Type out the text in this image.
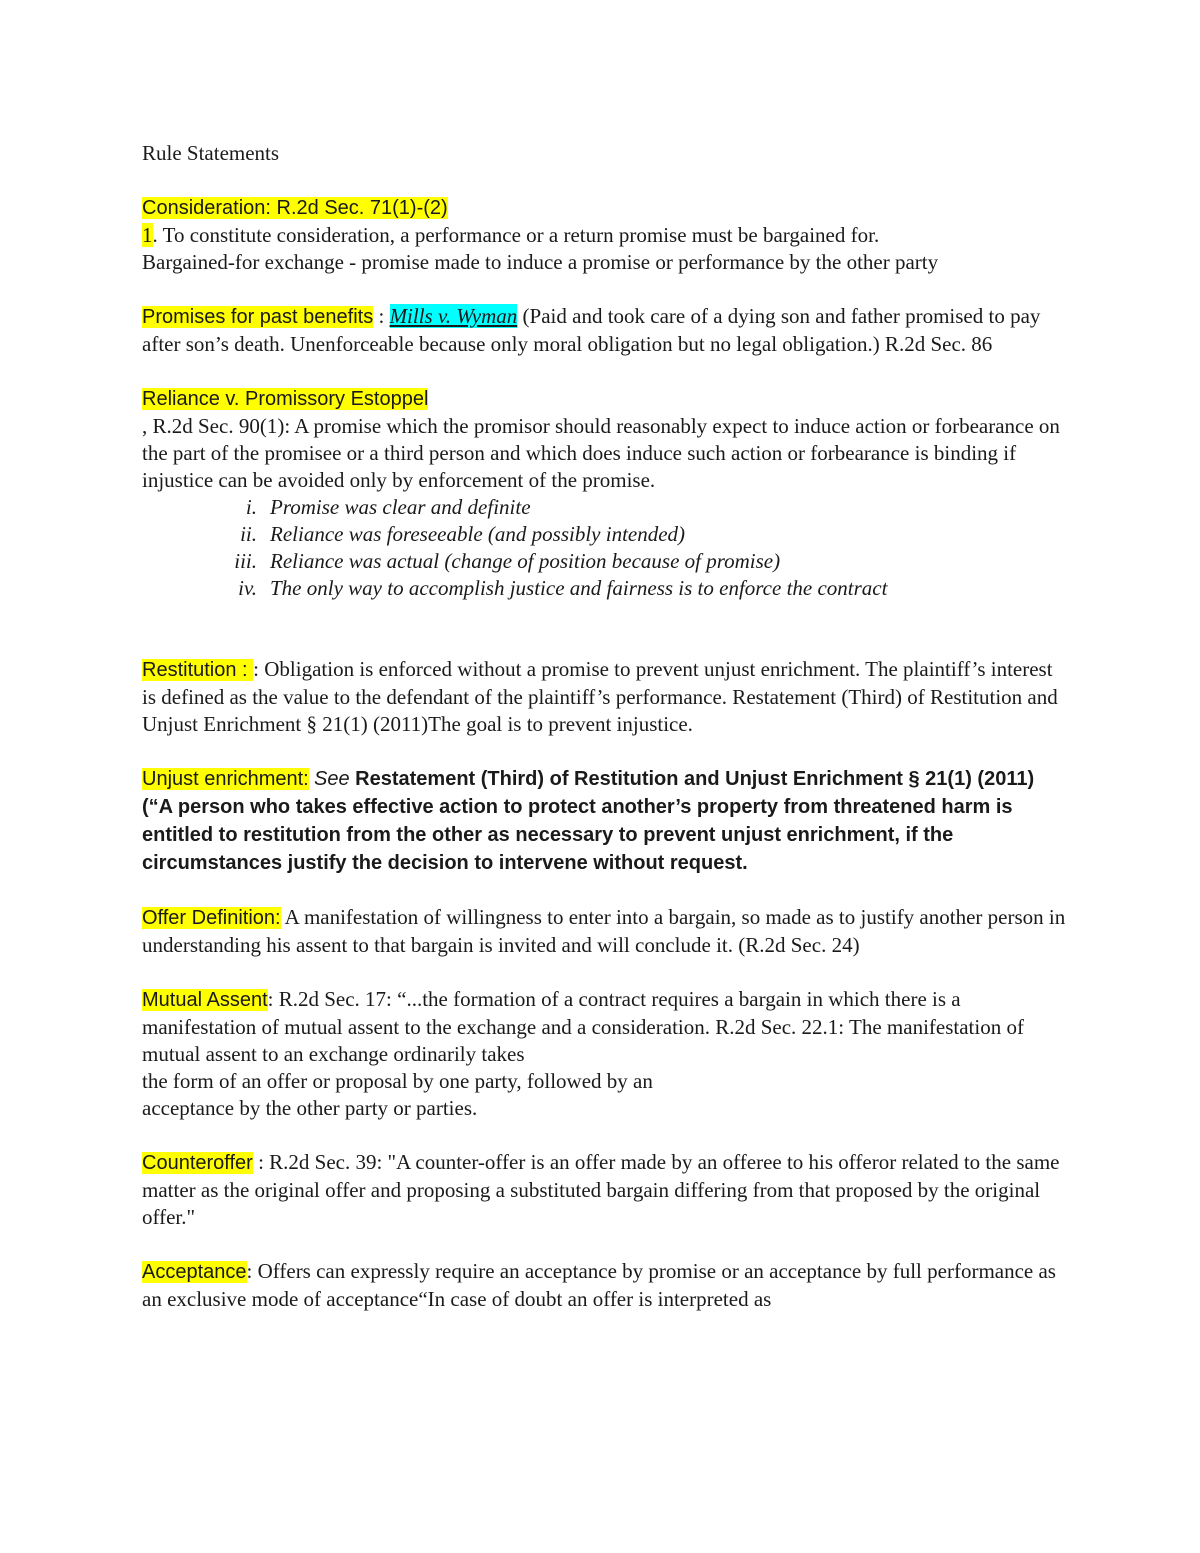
Rule Statements
Consideration: R.2d Sec. 71(1)-(2)
1. To constitute consideration, a performance or a return promise must be bargained for.
Bargained-for exchange - promise made to induce a promise or performance by the other party
Promises for past benefits : Mills v. Wyman (Paid and took care of a dying son and father promised to pay after son’s death. Unenforceable because only moral obligation but no legal obligation.) R.2d Sec. 86
Reliance v. Promissory Estoppel
, R.2d Sec. 90(1): A promise which the promisor should reasonably expect to induce action or forbearance on the part of the promisee or a third person and which does induce such action or forbearance is binding if injustice can be avoided only by enforcement of the promise.
i. Promise was clear and definite
ii. Reliance was foreseeable (and possibly intended)
iii. Reliance was actual (change of position because of promise)
iv. The only way to accomplish justice and fairness is to enforce the contract
Restitution : : Obligation is enforced without a promise to prevent unjust enrichment. The plaintiff’s interest is defined as the value to the defendant of the plaintiff’s performance. Restatement (Third) of Restitution and Unjust Enrichment § 21(1) (2011)The goal is to prevent injustice.
Unjust enrichment: See Restatement (Third) of Restitution and Unjust Enrichment § 21(1) (2011) (“A person who takes effective action to protect another’s property from threatened harm is entitled to restitution from the other as necessary to prevent unjust enrichment, if the circumstances justify the decision to intervene without request.
Offer Definition: A manifestation of willingness to enter into a bargain, so made as to justify another person in understanding his assent to that bargain is invited and will conclude it. (R.2d Sec. 24)
Mutual Assent: R.2d Sec. 17: “...the formation of a contract requires a bargain in which there is a manifestation of mutual assent to the exchange and a consideration. R.2d Sec. 22.1: The manifestation of mutual assent to an exchange ordinarily takes
the form of an offer or proposal by one party, followed by an
acceptance by the other party or parties.
Counteroffer : R.2d Sec. 39: "A counter-offer is an offer made by an offeree to his offeror related to the same matter as the original offer and proposing a substituted bargain differing from that proposed by the original offer."
Acceptance: Offers can expressly require an acceptance by promise or an acceptance by full performance as an exclusive mode of acceptance“In case of doubt an offer is interpreted as
